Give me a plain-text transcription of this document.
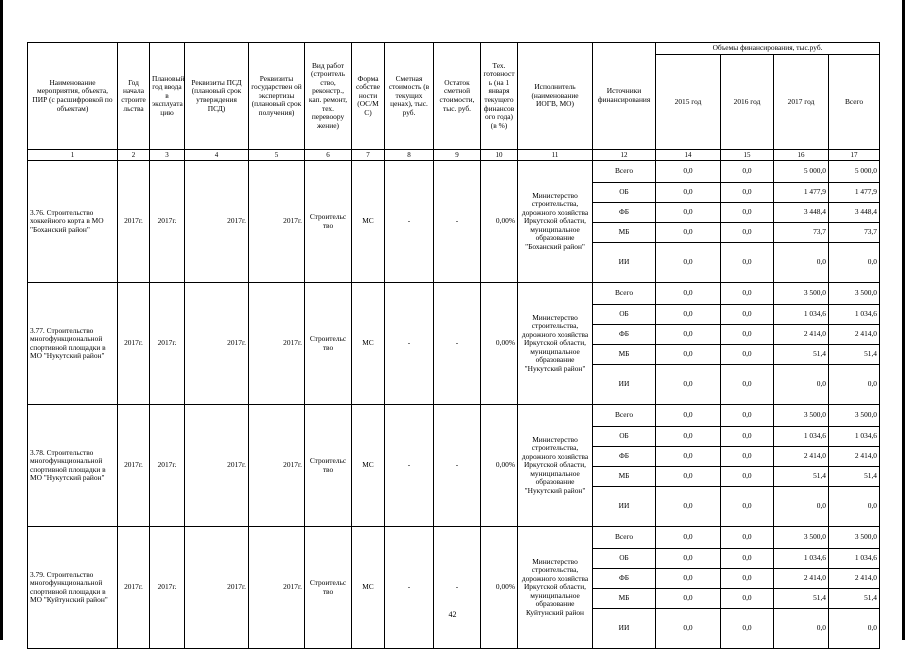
Наименование мероприятия, объекта, ПИР (с расшифровкой по объектам)	Год начала строите льства	Плановый год ввода в эксплуата цию	Реквизиты ПСД (плановый срок утверждения ПСД)	Реквизиты государствен ой экспертизы (плановый срок получения)	Вид работ (строитель ство, реконстр., кап. ремонт, тех. перевоору жение)	Форма собстве ности (ОС/М С)	Сметная стоимость (в текущих ценах), тыс. руб.	Остаток сметной стоимости, тыс. руб.	Тех. готовност ь (на 1 января текущего финансов ого года) (в %)	Исполнитель (наименование ИОГВ, МО)	Источники финансирования	Объемы финансирования, тыс.руб.			
												2015 год	2016 год	2017 год	Всего
1	2	3	4	5	6	7	8	9	10	11	12	14	15	16	17
3.76. Строительство хоккейного корта в МО "Боханский район"	2017г.	2017г.	2017г.	2017г.	Строительс тво	МС	-	-	0,00%	Министерство строительства, дорожного хозяйства Иркутской области, муниципальное образование "Боханский район"	Всего	0,0	0,0	5 000,0	5 000,0
											ОБ	0,0	0,0	1 477,9	1 477,9
											ФБ	0,0	0,0	3 448,4	3 448,4
											МБ	0,0	0,0	73,7	73,7
											ИИ	0,0	0,0	0,0	0,0
3.77. Строительство многофункциональной спортивной площадки в МО "Нукутский район"	2017г.	2017г.	2017г.	2017г.	Строительс тво	МС	-	-	0,00%	Министерство строительства, дорожного хозяйства Иркутской области, муниципальное образование "Нукутский район"	Всего	0,0	0,0	3 500,0	3 500,0
											ОБ	0,0	0,0	1 034,6	1 034,6
											ФБ	0,0	0,0	2 414,0	2 414,0
											МБ	0,0	0,0	51,4	51,4
											ИИ	0,0	0,0	0,0	0,0
3.78. Строительство многофункциональной спортивной площадки в МО "Нукутский район"	2017г.	2017г.	2017г.	2017г.	Строительс тво	МС	-	-	0,00%	Министерство строительства, дорожного хозяйства Иркутской области, муниципальное образование "Нукутский район"	Всего	0,0	0,0	3 500,0	3 500,0
											ОБ	0,0	0,0	1 034,6	1 034,6
											ФБ	0,0	0,0	2 414,0	2 414,0
											МБ	0,0	0,0	51,4	51,4
											ИИ	0,0	0,0	0,0	0,0
3.79. Строительство многофункциональной спортивной площадки в МО "Куйтунский район"	2017г.	2017г.	2017г.	2017г.	Строительс тво	МС	-	-	0,00%	Министерство строительства, дорожного хозяйства Иркутской области, муниципальное образование Куйтунский район	Всего	0,0	0,0	3 500,0	3 500,0
											ОБ	0,0	0,0	1 034,6	1 034,6
											ФБ	0,0	0,0	2 414,0	2 414,0
											МБ	0,0	0,0	51,4	51,4
											ИИ	0,0	0,0	0,0	0,0
42
